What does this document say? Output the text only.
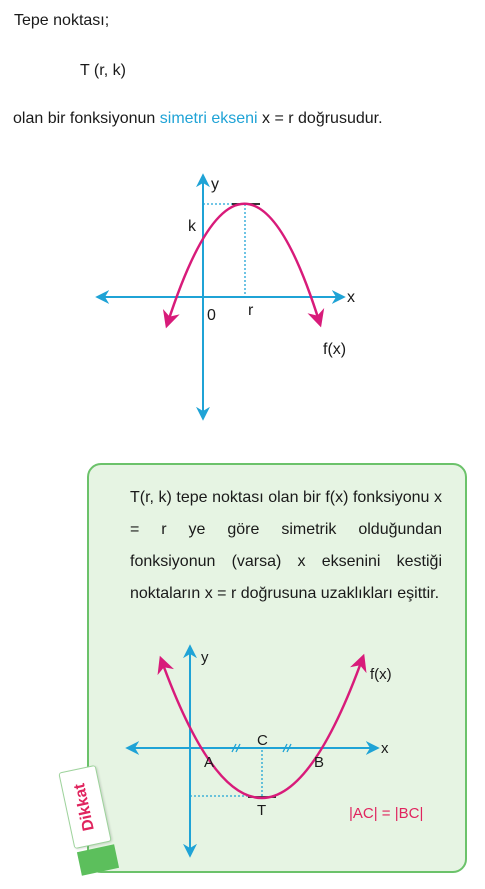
Tepe noktası;
T (r, k)
olan bir fonksiyonun simetri ekseni x = r doğrusudur.
y
x
k
0 r
f(x)
T(r, k) tepe noktası olan bir f(x) fonksiyonu x = r ye göre simetrik olduğundan fonksiyonun (varsa) x eksenini kestiği noktaların x = r doğrusuna uzaklıkları eşittir.
y
x
f(x)
A	B
C
T	|AC| = |BC|
Dikkat
